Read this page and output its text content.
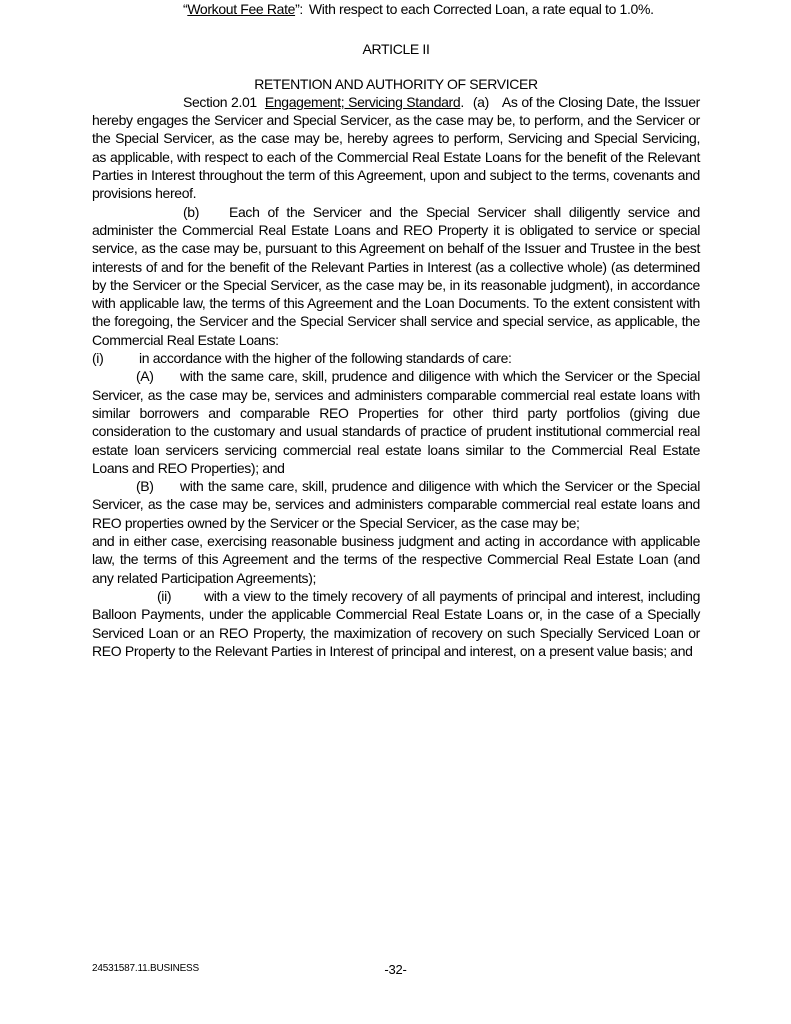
“Workout Fee Rate”: With respect to each Corrected Loan, a rate equal to 1.0%.

ARTICLE II

RETENTION AND AUTHORITY OF SERVICER

Section 2.01 Engagement; Servicing Standard. (a) As of the Closing Date, the Issuer hereby engages the Servicer and Special Servicer, as the case may be, to perform, and the Servicer or the Special Servicer, as the case may be, hereby agrees to perform, Servicing and Special Servicing, as applicable, with respect to each of the Commercial Real Estate Loans for the benefit of the Relevant Parties in Interest throughout the term of this Agreement, upon and subject to the terms, covenants and provisions hereof.

(b) Each of the Servicer and the Special Servicer shall diligently service and administer the Commercial Real Estate Loans and REO Property it is obligated to service or special service, as the case may be, pursuant to this Agreement on behalf of the Issuer and Trustee in the best interests of and for the benefit of the Relevant Parties in Interest (as a collective whole) (as determined by the Servicer or the Special Servicer, as the case may be, in its reasonable judgment), in accordance with applicable law, the terms of this Agreement and the Loan Documents. To the extent consistent with the foregoing, the Servicer and the Special Servicer shall service and special service, as applicable, the Commercial Real Estate Loans:

(i)	in accordance with the higher of the following standards of care:

(A) with the same care, skill, prudence and diligence with which the Servicer or the Special Servicer, as the case may be, services and administers comparable commercial real estate loans with similar borrowers and comparable REO Properties for other third party portfolios (giving due consideration to the customary and usual standards of practice of prudent institutional commercial real estate loan servicers servicing commercial real estate loans similar to the Commercial Real Estate Loans and REO Properties); and

(B) with the same care, skill, prudence and diligence with which the Servicer or the Special Servicer, as the case may be, services and administers comparable commercial real estate loans and REO properties owned by the Servicer or the Special Servicer, as the case may be;

and in either case, exercising reasonable business judgment and acting in accordance with applicable law, the terms of this Agreement and the terms of the respective Commercial Real Estate Loan (and any related Participation Agreements);

(ii) with a view to the timely recovery of all payments of principal and interest, including Balloon Payments, under the applicable Commercial Real Estate Loans or, in the case of a Specially Serviced Loan or an REO Property, the maximization of recovery on such Specially Serviced Loan or REO Property to the Relevant Parties in Interest of principal and interest, on a present value basis; and

24531587.11.BUSINESS	-32-
